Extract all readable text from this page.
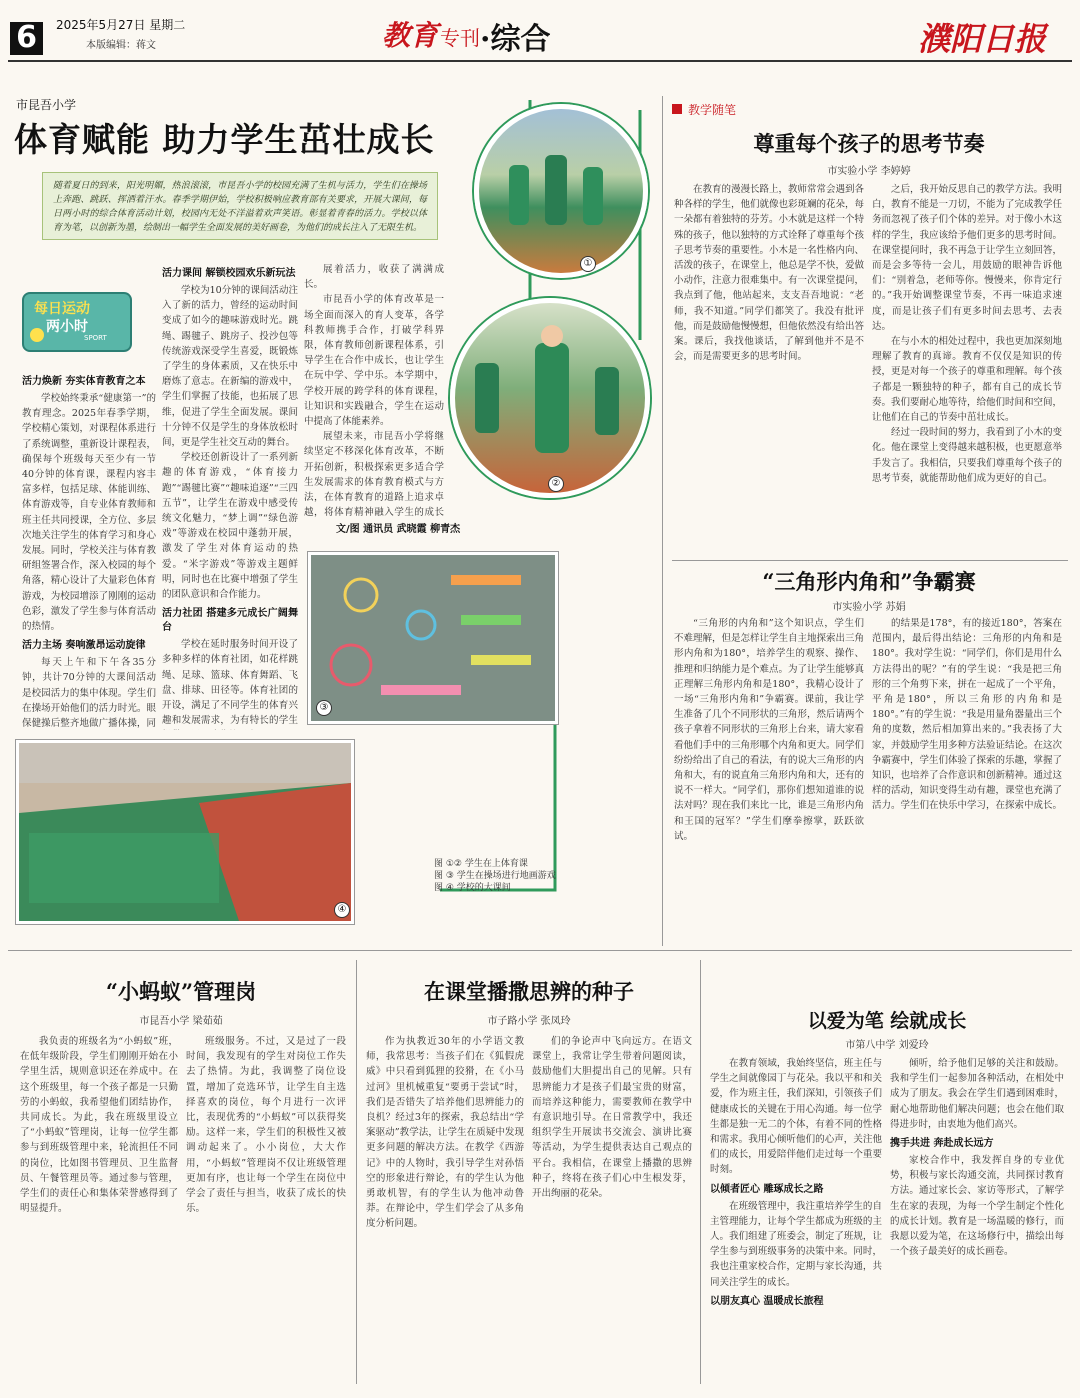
6	2025年5月27日 星期二
本版编辑：蒋文	教育 专刊 ·综合	濮阳日报
市昆吾小学
体育赋能 助力学生茁壮成长
随着夏日的到来，阳光明媚，热浪滚滚，市昆吾小学的校园充满了生机与活力，学生们在操场上奔跑、跳跃、挥洒着汗水。春季学期伊始，学校积极响应教育部有关要求，开展大课间，每日两小时的综合体育活动计划，校园内无处不洋溢着欢声笑语。彰显着青春的活力。学校以体育为笔，以创新为墨，绘制出一幅学生全面发展的美好画卷，为他们的成长注入了无限生机。
每日运动
两小时
SPORT
活力焕新 夯实体育教育之本

学校始终秉承“健康第一”的教育理念。2025年春季学期，学校精心策划，对课程体系进行了系统调整，重新设计课程表，确保每个班级每天至少有一节40分钟的体育课，课程内容丰富多样，包括足球、体能训练、体育游戏等，自专业体育教师和班主任共同授课，全方位、多层次地关注学生的体育学习和身心发展。同时，学校关注与体育教研组签署合作，深入校园的每个角落，精心设计了大量彩色体育游戏，为校园增添了刚刚的运动色彩，激发了学生参与体育活动的热情。

活力主场 奏响激昂运动旋律

每天上午和下午各35分钟，共计70分钟的大课间活动是校园活力的集中体现。学生们在操场开始他们的活力时光。眼保健操后整齐地做广播体操，同

活力课间 解锁校园欢乐新玩法

学校为10分钟的课间活动注入了新的活力，曾经的运动时间变成了如今的趣味游戏时光。跳绳、踢毽子、跳房子、投沙包等传统游戏深受学生喜爱，既锻炼了学生的身体素质，又在快乐中磨炼了意志。在新编的游戏中，学生们掌握了技能，也拓展了思维，促进了学生全面发展。课间十分钟不仅是学生的身体放松时间，更是学生社交互动的舞台。

学校还创新设计了一系列新趣的体育游戏，“体育接力跑”“踢毽比赛”“趣味追逐”“三四五节”，让学生在游戏中感受传统文化魅力，“梦上调”“绿色游戏”等游戏在校园中蓬勃开展，激发了学生对体育运动的热爱。“米字游戏”等游戏主题鲜明，同时也在比赛中增强了学生的团队意识和合作能力。

活力社团 搭建多元成长广阔舞台

学校在延时服务时间开设了多种多样的体育社团，如花样跳绳、足球、篮球、体育舞蹈、飞盘、排球、田径等。体育社团的开设，满足了不同学生的体育兴趣和发展需求，为有特长的学生

展着活力，收获了满满成长。

市昆吾小学的体育改革是一场全面而深入的育人变革，各学科教师携手合作，打破学科界限，体育教师创新课程体系，引导学生在合作中成长，也让学生在玩中学、学中乐。本学期中，学校开展的跨学科的体育课程，让知识和实践融合，学生在运动中提高了体能素养。

展望未来，市昆吾小学将继续坚定不移深化体育改革，不断开拓创新，积极探索更多适合学生发展需求的体育教育模式与方法，在体育教育的道路上追求卓越，将体育精神融入学生的成长

文/图 通讯员 武晓霞 柳青杰
①
②
③
④
图 ①② 学生在上体育课
图 ③ 学生在操场进行地画游戏
图 ④ 学校的大课间
教学随笔
尊重每个孩子的思考节奏
市实验小学 李婷婷

在教育的漫漫长路上，教师常常会遇到各种各样的学生，他们就像也彩斑斓的花朵，每一朵都有着独特的芬芳。小木就是这样一个特殊的孩子，他以独特的方式诠释了尊重每个孩子思考节奏的重要性。小木是一名性格内向、活泼的孩子，在课堂上，他总是学不快，爱做小动作，注意力很难集中。有一次课堂提问，我点到了他，他站起来，支支吾吾地说：“老师，我不知道。”同学们都笑了。我没有批评他，而是鼓励他慢慢想，但他依然没有给出答案。课后，我找他谈话，了解到他并不是不会，而是需要更多的思考时间。

之后，我开始反思自己的教学方法。我明白，教育不能是一刀切，不能为了完成教学任务而忽视了孩子们个体的差异。对于像小木这样的学生，我应该给予他们更多的思考时间。在课堂提问时，我不再急于让学生立刻回答，而是会多等待一会儿，用鼓励的眼神告诉他们：“别着急，老师等你。慢慢来，你肯定行的。”我开始调整课堂节奏，不再一味追求速度，而是让孩子们有更多时间去思考、去表达。

在与小木的相处过程中，我也更加深刻地理解了教育的真谛。教育不仅仅是知识的传授，更是对每一个孩子的尊重和理解。每个孩子都是一颗独特的种子，都有自己的成长节奏。我们要耐心地等待，给他们时间和空间，让他们在自己的节奏中茁壮成长。

经过一段时间的努力，我看到了小木的变化。他在课堂上变得越来越积极，也更愿意举手发言了。我相信，只要我们尊重每个孩子的思考节奏，就能帮助他们成为更好的自己。

“三角形内角和”争霸赛
市实验小学 苏娟

“三角形的内角和”这个知识点，学生们不难理解，但是怎样让学生自主地探索出三角形内角和为180°，培养学生的观察、操作、推理和归纳能力是个难点。为了让学生能够真正理解三角形内角和是180°，我精心设计了一场“三角形内角和”争霸赛。课前，我让学生准备了几个不同形状的三角形，然后请两个孩子拿着不同形状的三角形上台来，请大家看看他们手中的三角形哪个内角和更大。同学们纷纷给出了自己的看法，有的说大三角形的内角和大，有的说直角三角形内角和大，还有的说不一样大。“同学们，那你们想知道谁的说法对吗？现在我们来比一比，谁是三角形内角和王国的冠军？”学生们摩拳擦掌，跃跃欲试。

的结果是178°，有的接近180°，答案在范围内，最后得出结论：三角形的内角和是180°。我对学生说：“同学们，你们是用什么方法得出的呢？”有的学生说：“我是把三角形的三个角剪下来，拼在一起成了一个平角，平角是180°，所以三角形的内角和是180°。”有的学生说：“我是用量角器量出三个角的度数，然后相加算出来的。”我表扬了大家，并鼓励学生用多种方法验证结论。在这次争霸赛中，学生们体验了探索的乐趣，掌握了知识，也培养了合作意识和创新精神。通过这样的活动，知识变得生动有趣，课堂也充满了活力。学生们在快乐中学习，在探索中成长。

“小蚂蚁”管理岗
市昆吾小学 梁茹茹

我负责的班级名为“小蚂蚁”班，在低年级阶段，学生们刚刚开始在小学里生活，规则意识还在养成中。在这个班级里，每一个孩子都是一只勤劳的小蚂蚁，我希望他们团结协作，共同成长。为此，我在班级里设立了“小蚂蚁”管理岗，让每一位学生都参与到班级管理中来，轮流担任不同的岗位，比如图书管理员、卫生监督员、午餐管理员等。通过参与管理，学生们的责任心和集体荣誉感得到了明显提升。

班级服务。不过，又是过了一段时间，我发现有的学生对岗位工作失去了热情。为此，我调整了岗位设置，增加了竞选环节，让学生自主选择喜欢的岗位，每个月进行一次评比，表现优秀的“小蚂蚁”可以获得奖励。这样一来，学生们的积极性又被调动起来了。小小岗位，大大作用，“小蚂蚁”管理岗不仅让班级管理更加有序，也让每一个学生在岗位中学会了责任与担当，收获了成长的快乐。

在课堂播撒思辨的种子
市子路小学 张凤玲

作为执教近30年的小学语文教师，我常思考：当孩子们在《狐假虎威》中只看到狐狸的狡猾，在《小马过河》里机械重复“要勇于尝试”时，我们是否错失了培养他们思辨能力的良机？经过3年的探索，我总结出“学案驱动”教学法，让学生在质疑中发现更多问题的解决方法。在教学《西游记》中的人物时，我引导学生对孙悟空的形象进行辩论，有的学生认为他勇敢机智，有的学生认为他冲动鲁莽。在辩论中，学生们学会了从多角度分析问题。

们的争论声中飞向远方。在语文课堂上，我常让学生带着问题阅读，鼓励他们大胆提出自己的见解。只有思辨能力才是孩子们最宝贵的财富，而培养这种能力，需要教师在教学中有意识地引导。在日常教学中，我还组织学生开展读书交流会、演讲比赛等活动，为学生提供表达自己观点的平台。我相信，在课堂上播撒的思辨种子，终将在孩子们心中生根发芽，开出绚丽的花朵。

以爱为笔 绘就成长
市第八中学 刘爱玲

在教育领域，我始终坚信，班主任与学生之间就像园丁与花朵。我以平和和关爱，作为班主任，我们深知，引领孩子们健康成长的关键在于用心沟通。每一位学生都是独一无二的个体，有着不同的性格和需求。我用心倾听他们的心声，关注他们的成长，用爱陪伴他们走过每一个重要时刻。

以倾者匠心 雕琢成长之路

在班级管理中，我注重培养学生的自主管理能力，让每个学生都成为班级的主人。我们组建了班委会，制定了班规，让学生参与到班级事务的决策中来。同时，我也注重家校合作，定期与家长沟通，共同关注学生的成长。

以朋友真心 温暖成长旅程

倾听，给予他们足够的关注和鼓励。我和学生们一起参加各种活动，在相处中成为了朋友。我会在学生们遇到困难时，耐心地帮助他们解决问题；也会在他们取得进步时，由衷地为他们高兴。

携手共进 奔赴成长远方

家校合作中，我发挥自身的专业优势，积极与家长沟通交流，共同探讨教育方法。通过家长会、家访等形式，了解学生在家的表现，为每一个学生制定个性化的成长计划。教育是一场温暖的修行，而我愿以爱为笔，在这场修行中，描绘出每一个孩子最美好的成长画卷。
